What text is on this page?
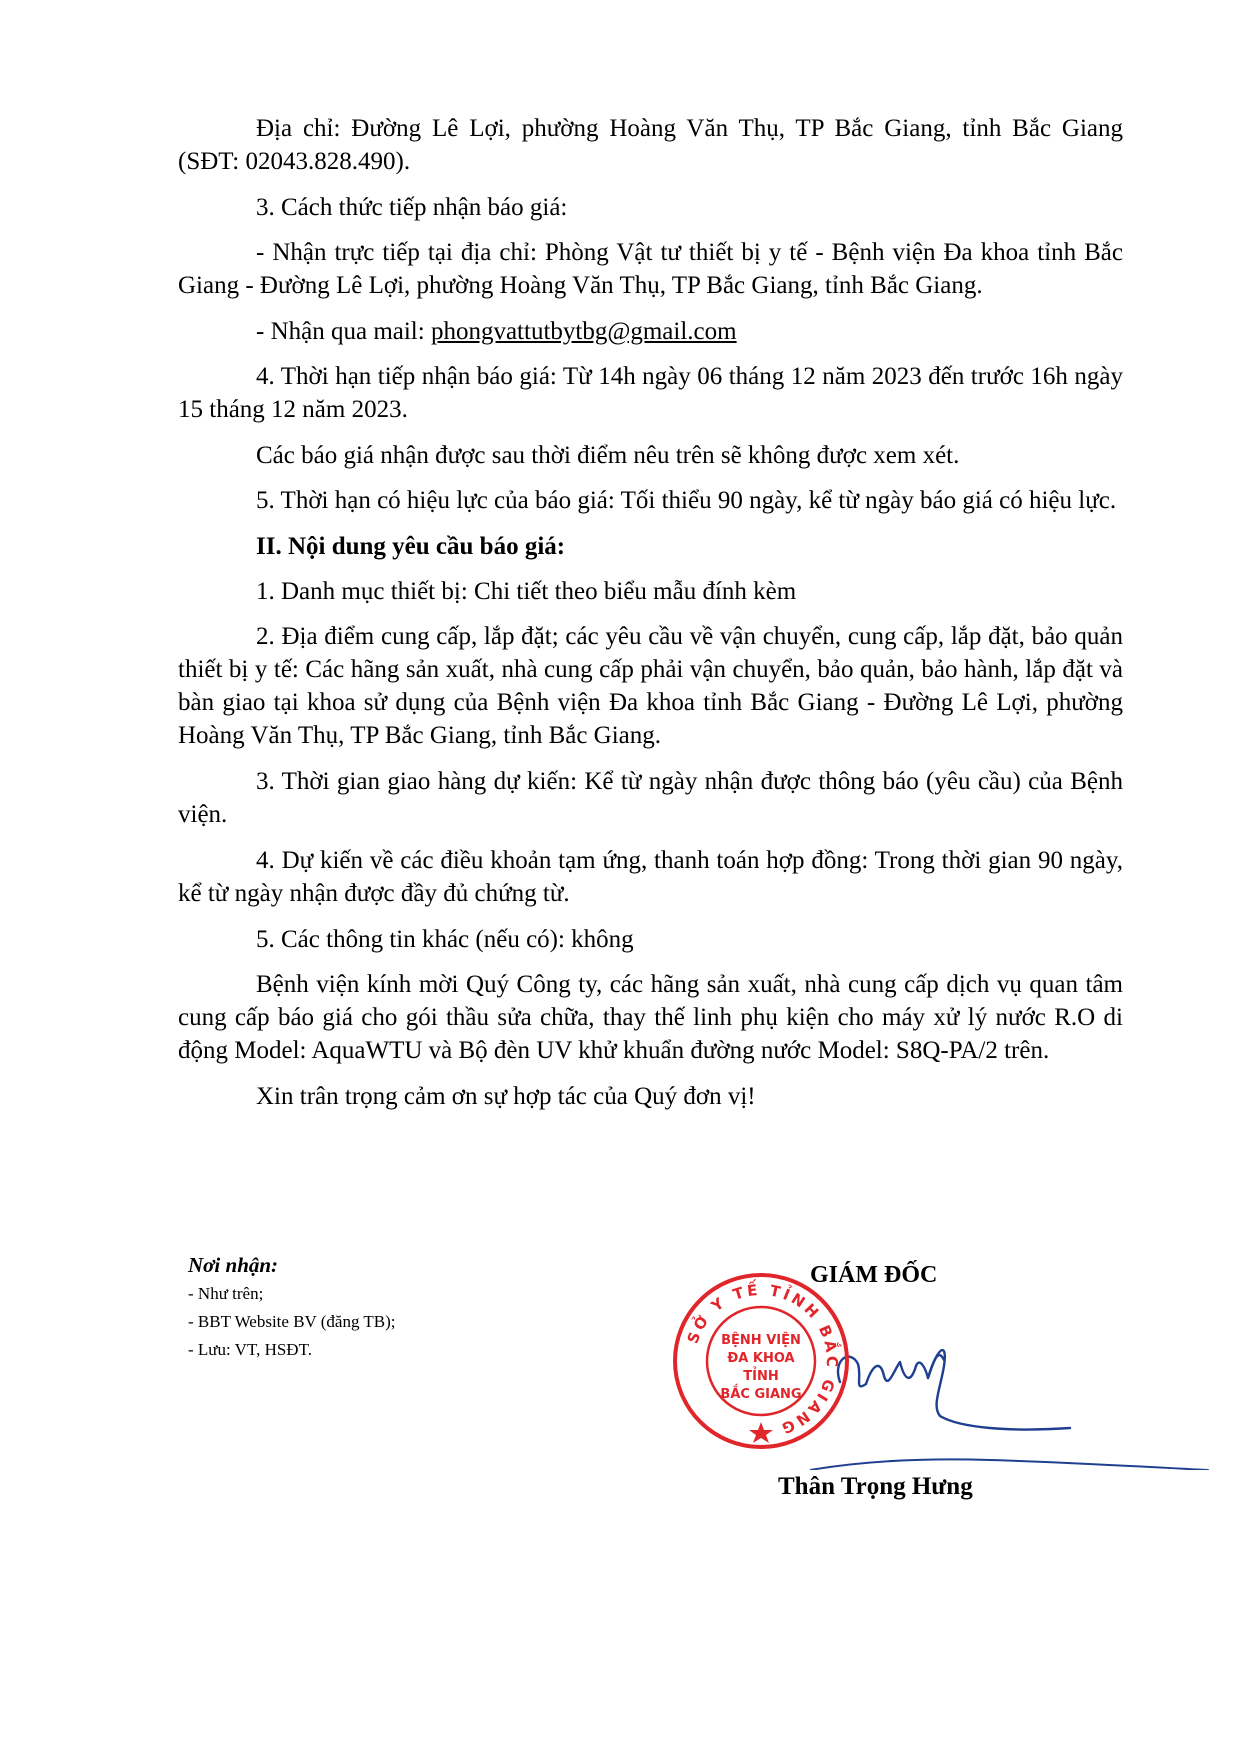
Địa chỉ: Đường Lê Lợi, phường Hoàng Văn Thụ, TP Bắc Giang, tỉnh Bắc Giang (SĐT: 02043.828.490).

3. Cách thức tiếp nhận báo giá:

- Nhận trực tiếp tại địa chỉ: Phòng Vật tư thiết bị y tế - Bệnh viện Đa khoa tỉnh Bắc Giang - Đường Lê Lợi, phường Hoàng Văn Thụ, TP Bắc Giang, tỉnh Bắc Giang.

- Nhận qua mail: phongvattutbytbg@gmail.com

4. Thời hạn tiếp nhận báo giá: Từ 14h ngày 06 tháng 12 năm 2023 đến trước 16h ngày 15 tháng 12 năm 2023.

Các báo giá nhận được sau thời điểm nêu trên sẽ không được xem xét.

5. Thời hạn có hiệu lực của báo giá: Tối thiểu 90 ngày, kể từ ngày báo giá có hiệu lực.

II. Nội dung yêu cầu báo giá:

1. Danh mục thiết bị: Chi tiết theo biểu mẫu đính kèm

2. Địa điểm cung cấp, lắp đặt; các yêu cầu về vận chuyển, cung cấp, lắp đặt, bảo quản thiết bị y tế: Các hãng sản xuất, nhà cung cấp phải vận chuyển, bảo quản, bảo hành, lắp đặt và bàn giao tại khoa sử dụng của Bệnh viện Đa khoa tỉnh Bắc Giang - Đường Lê Lợi, phường Hoàng Văn Thụ, TP Bắc Giang, tỉnh Bắc Giang.

3. Thời gian giao hàng dự kiến: Kể từ ngày nhận được thông báo (yêu cầu) của Bệnh viện.

4. Dự kiến về các điều khoản tạm ứng, thanh toán hợp đồng: Trong thời gian 90 ngày, kể từ ngày nhận được đầy đủ chứng từ.

5. Các thông tin khác (nếu có): không

Bệnh viện kính mời Quý Công ty, các hãng sản xuất, nhà cung cấp dịch vụ quan tâm cung cấp báo giá cho gói thầu sửa chữa, thay thế linh phụ kiện cho máy xử lý nước R.O di động Model: AquaWTU và Bộ đèn UV khử khuẩn đường nước Model: S8Q-PA/2 trên.

Xin trân trọng cảm ơn sự hợp tác của Quý đơn vị!

Nơi nhận:
- Như trên;
- BBT Website BV (đăng TB);
- Lưu: VT, HSĐT.
GIÁM ĐỐC
SỞ Y TẾ TỈNH BẮC GIANG
BỆNH VIỆN
ĐA KHOA
TỈNH
BẮC GIANG
Thân Trọng Hưng
